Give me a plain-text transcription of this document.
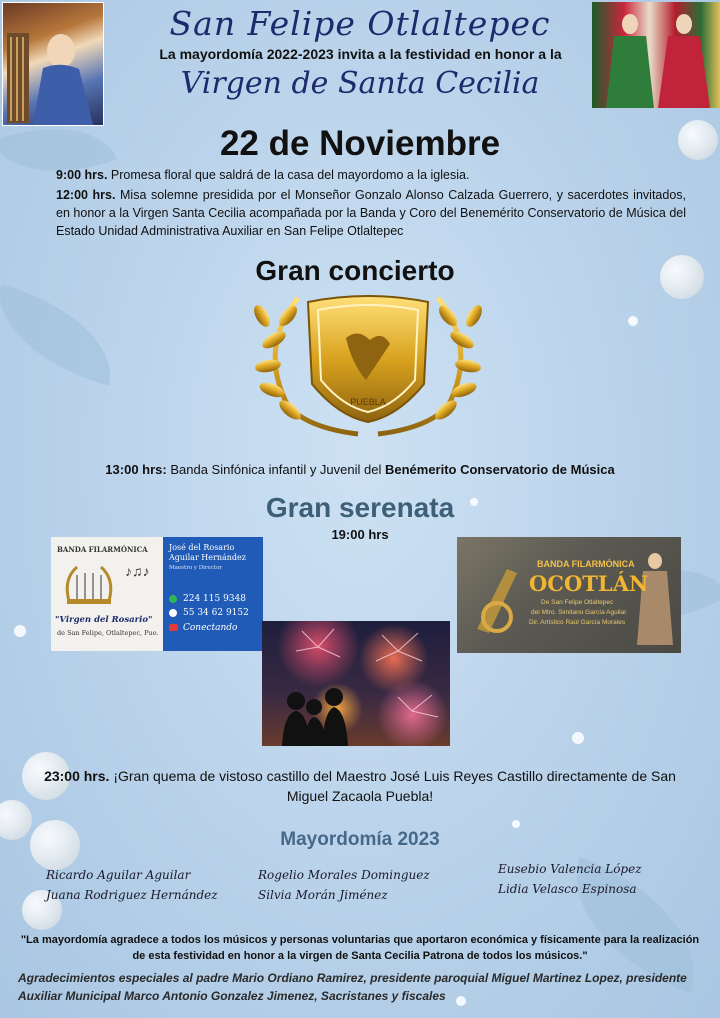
San Felipe Otlaltepec
La mayordomía 2022-2023 invita a la festividad en honor a la
Virgen de Santa Cecilia
22 de Noviembre
9:00 hrs. Promesa floral que saldrá de la casa del mayordomo a la iglesia.
12:00 hrs. Misa solemne presidida por el Monseñor Gonzalo Alonso Calzada Guerrero, y sacerdotes invitados, en honor a la Virgen Santa Cecilia acompañada por la Banda y Coro del Benemérito Conservatorio de Música del Estado Unidad Administrativa Auxiliar en San Felipe Otlaltepec
Gran concierto
PUEBLA
13:00 hrs: Banda Sinfónica infantil y Juvenil del Benémerito Conservatorio de Música
Gran serenata
19:00 hrs
BANDA FILARMÓNICA
♪♫♪
"Virgen del Rosario"
de San Felipe, Otlaltepec, Pue.
José del Rosario Aguilar Hernández
Maestro y Director
224 115 9348
55 34 62 9152
Conectando
BANDA FILARMÓNICA
OCOTLÁN
De San Felipe Otlaltepec
del Mtro. Simitano García Aguilar
Dir. Artístico Raúl García Morales
23:00 hrs. ¡Gran quema de vistoso castillo del Maestro José Luis Reyes Castillo directamente de San Miguel Zacaola Puebla!
Mayordomía 2023
Ricardo Aguilar Aguilar
Juana Rodriguez Hernández
Rogelio Morales Dominguez
Silvia Morán Jiménez
Eusebio Valencia López
Lidia Velasco Espinosa
"La mayordomía agradece a todos los músicos y personas voluntarias que aportaron económica y físicamente para la realización de esta festividad en honor a la virgen de Santa Cecilia Patrona de todos los músicos."
Agradecimientos especiales al padre Mario Ordiano Ramirez, presidente paroquial Miguel Martinez Lopez, presidente Auxiliar Municipal Marco Antonio Gonzalez Jimenez, Sacristanes y fiscales
